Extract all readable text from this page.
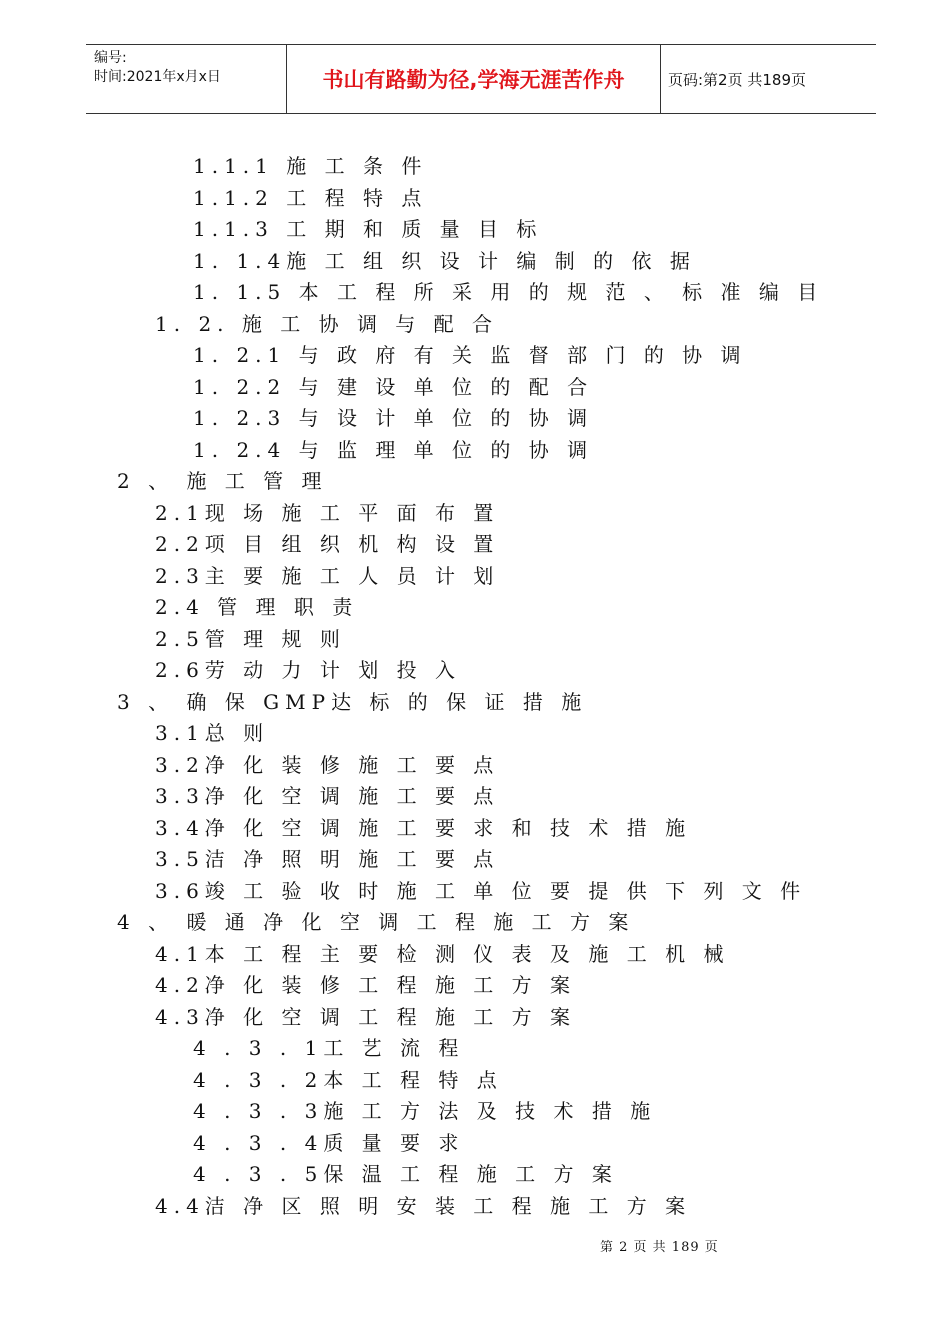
编号:
时间:2021年x月x日	书山有路勤为径,学海无涯苦作舟	页码:第2页 共189页
1.1.1 施 工 条 件
1.1.2 工 程 特 点
1.1.3 工 期 和 质 量 目 标
1. 1.4施 工 组 织 设 计 编 制 的 依 据
1. 1.5 本 工 程 所 采 用 的 规 范 、 标 准 编 目
1. 2. 施 工 协 调 与 配 合
1. 2.1 与 政 府 有 关 监 督 部 门 的 协 调
1. 2.2 与 建 设 单 位 的 配 合
1. 2.3 与 设 计 单 位 的 协 调
1. 2.4 与 监 理 单 位 的 协 调
2 、 施 工 管 理
2.1现 场 施 工 平 面 布 置
2.2项 目 组 织 机 构 设 置
2.3主 要 施 工 人 员 计 划
2.4 管 理 职 责
2.5管 理 规 则
2.6劳 动 力 计 划 投 入
3 、 确 保 GMP达 标 的 保 证 措 施
3.1总 则
3.2净 化 装 修 施 工 要 点
3.3净 化 空 调 施 工 要 点
3.4净 化 空 调 施 工 要 求 和 技 术 措 施
3.5洁 净 照 明 施 工 要 点
3.6竣 工 验 收 时 施 工 单 位 要 提 供 下 列 文 件
4 、 暖 通 净 化 空 调 工 程 施 工 方 案
4.1本 工 程 主 要 检 测 仪 表 及 施 工 机 械
4.2净 化 装 修 工 程 施 工 方 案
4.3净 化 空 调 工 程 施 工 方 案
4 . 3 . 1工 艺 流 程
4 . 3 . 2本 工 程 特 点
4 . 3 . 3施 工 方 法 及 技 术 措 施
4 . 3 . 4质 量 要 求
4 . 3 . 5保 温 工 程 施 工 方 案
4.4洁 净 区 照 明 安 装 工 程 施 工 方 案
第 2 页 共 189 页
